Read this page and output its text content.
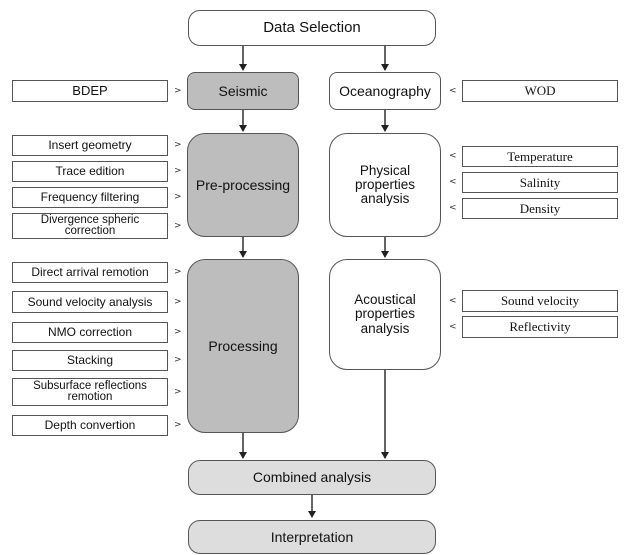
Data Selection
BDEP	>	Seismic
Insert geometry	>
Trace edition	>
Frequency filtering	>
Divergence spheric correction	>
Pre-processing
Direct arrival remotion	>
Sound velocity analysis >
NMO correction	>
Stacking	>
Subsurface reflections remotion	>
Depth convertion	>
Processing
Oceanography <	WOD
Physical properties analysis
<	Temperature
<	Salinity
<	Density
Acoustical properties analysis
<	Sound velocity
<	Reflectivity
Combined analysis
Interpretation
